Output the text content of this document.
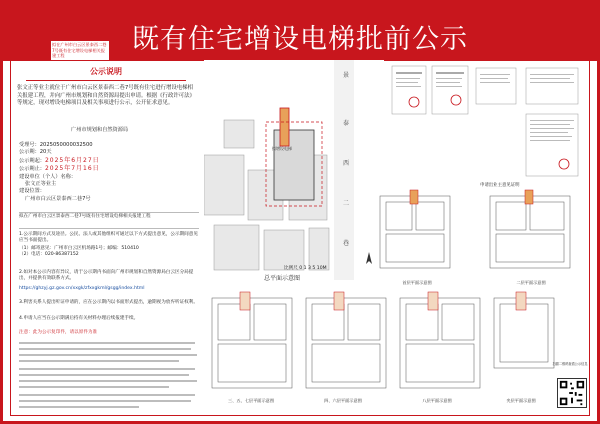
既有住宅增设电梯批前公示
公示说明
张文正等业主就位于广州市白云区景泰西二巷7号既有住宅进行增设电梯相关报建工程，并向广州市规划和自然资源局提出申请。根据《行政许可法》等规定，现对增设电梯项目及相关事项进行公示，公开征求意见。
广州市规划和自然资源局
受理号：2025050000032500
公示期：20天
公示期起：2025年6月27日
公示期止：2025年7月16日
建设单位（个人）名称：
张文正等业主
建设位置：
广州市白云区景泰西二巷7号
拟在广州市白云区景泰西二巷7号既有住宅增设电梯相关报建工程
1.公示期间方式及途径。公民、法人或其他组织可通过以下方式提出意见，公示期间意见应当书面提出。
（1）邮寄意见：广州市白云区机场路1号；邮编：510410
（2）电话：020-86387152
2.如对本公示内容有异议，请于公示期内书面向广州市规划和自然资源局白云区分局提出，并提供有效联系方式。
https://ghzyj.gz.gov.cn/xxgk/zfxxgkml/gsgg/index.html
3.利害关系人提出听证申请的，应在公示期内以书面形式提出，逾期视为放弃听证权利。
4.申请人应当在公示期满后持有关材料办理后续报建手续。
注意：此为公示复印件，请以原件为准
拟在广州市白云区景泰西二巷7号既有住宅增设电梯相关报建工程
拟增设电梯
景
泰
西
二
巷
比例尺 0 1 3 5 10M
总平面示意图
申请出业主意见证明
首层平面示意图	二层平面示意图
三、五、七层平面示意图	四、六层平面示意图	八层平面示意图	夹层平面示意图
扫描二维码查看公示信息
